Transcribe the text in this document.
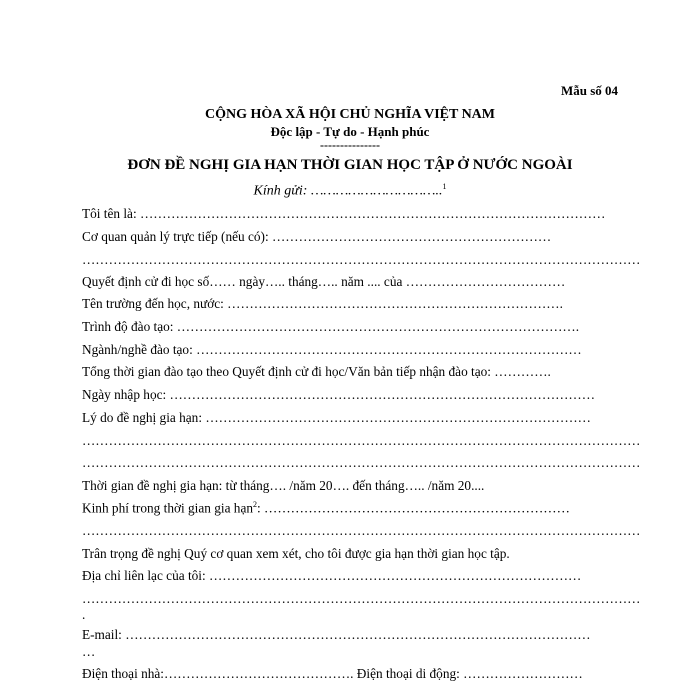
Mẫu số 04
CỘNG HÒA XÃ HỘI CHỦ NGHĨA VIỆT NAM
Độc lập - Tự do - Hạnh phúc
---------------
ĐƠN ĐỀ NGHỊ GIA HẠN THỜI GIAN HỌC TẬP Ở NƯỚC NGOÀI
Kính gửi: …………………………..$^1$
Tôi tên là: ……………………………………………………………………………………………
Cơ quan quản lý trực tiếp (nếu có): ………………………………………………………
………………………………………………………………………………………………………………
Quyết định cử đi học số…… ngày….. tháng….. năm .... của ………………………………
Tên trường đến học, nước: ………………………………………………………………….
Trình độ đào tạo: ……………………………………………………………………………….
Ngành/nghề đào tạo: ……………………………………………………………………………
Tổng thời gian đào tạo theo Quyết định cử đi học/Văn bản tiếp nhận đào tạo: ………….
Ngày nhập học: ……………………………………………………………………………………
Lý do đề nghị gia hạn: ……………………………………………………………………………
………………………………………………………………………………………………………………
………………………………………………………………………………………………………………
Thời gian đề nghị gia hạn: từ tháng…. /năm 20…. đến tháng….. /năm 20....
Kinh phí trong thời gian gia hạn$^2$: ……………………………………………………………
………………………………………………………………………………………………………………
Trân trọng đề nghị Quý cơ quan xem xét, cho tôi được gia hạn thời gian học tập.
Địa chỉ liên lạc của tôi: …………………………………………………………………………
………………………………………………………………………………………………………………
.
E-mail: ……………………………………………………………………………………………
…
Điện thoại nhà:……………………………………. Điện thoại di động: ………………………
